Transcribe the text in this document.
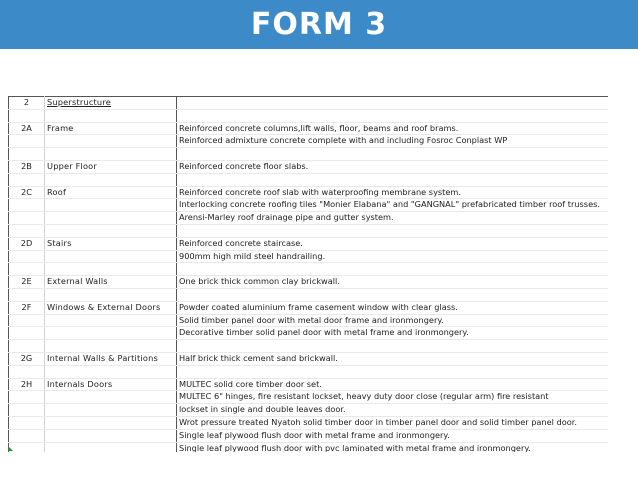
FORM 3
2	Superstructure	

2A	Frame	Reinforced concrete columns,lift walls, floor, beams and roof brams.
		Reinforced admixture concrete complete with and including Fosroc Conplast WP

2B	Upper Floor	Reinforced concrete floor slabs.

2C	Roof	Reinforced concrete roof slab with waterproofing membrane system.
		Interlocking concrete roofing tiles "Monier Elabana" and "GANGNAL" prefabricated timber roof trusses.
		Arensi-Marley roof drainage pipe and gutter system.

2D	Stairs	Reinforced concrete staircase.
		900mm high mild steel handrailing.

2E	External Walls	One brick thick common clay brickwall.

2F	Windows & External Doors	Powder coated aluminium frame casement window with clear glass.
		Solid timber panel door with metal door frame and ironmongery.
		Decorative timber solid panel door with metal frame and ironmongery.

2G	Internal Walls & Partitions	Half brick thick cement sand brickwall.

2H	Internals Doors	MULTEC solid core timber door set.
		MULTEC 6" hinges, fire resistant lockset, heavy duty door close (regular arm) fire resistant
		lockset in single and double leaves door.
		Wrot pressure treated Nyatoh solid timber door in timber panel door and solid timber panel door.
		Single leaf plywood flush door with metal frame and ironmongery.
		Single leaf plywood flush door with pvc laminated with metal frame and ironmongery.
